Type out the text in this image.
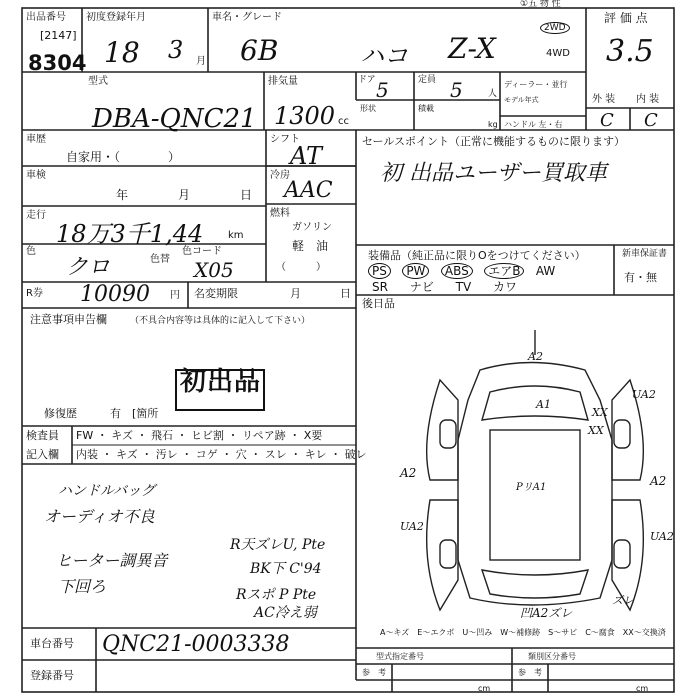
①五 物 性
出品番号
[2147]
8304
初度登録年月
18 3 月
車名・グレード
6B	ハコ Z-X
2WD
4WD
評 価 点
3.5
外 装 内 装
C C
型式
DBA-QNC21
排気量
1300 cc
ドア 5	定員 5	人
ディーラー・並行
モデル年式
形状	積載
kg ハンドル 左・右
車歴
自家用・（　　　　）
車検
年	月	日
走行
18万3千1,44 km
色
クロ	色替
色コード
X05
R券 10090 円 名変期限	月	日
シフト
AT
冷房
AAC
燃料
ガソリン
軽　油
（　　　）
セールスポイント（正常に機能するものに限ります）
初 出品ユーザー買取車
装備品（純正品に限りOをつけてください）
PS PW ABS エアB AW
SR ナビ TV カワ
新車保証書
有・無
後日品
注意事項申告欄	（不具合内容等は具体的に記入して下さい）
初出品
修復歴	有　[箇所
検査員 FW ・ キズ ・ 飛石 ・ ヒビ割 ・ リペア跡 ・ X要
記入欄 内装 ・ キズ ・ 汚レ ・ コゲ ・ 穴 ・ スレ ・ キレ ・ 破レ
ハンドルバッグ
オーディオ不良
ヒーター調異音
下回ろ
R天ズレU, Pte
BK下 C'94
Rスポ P Pte
AC冷え弱
A2
A1
XX
UA2
A2
A2
UA2
UA2
PリA1
XX
ズレ
凹A2ズレ
A～キズ　E～エクボ　U～凹み　W～補修跡　S～サビ　C～腐食　XX～交換済
車台番号 QNC21-0003338
登録番号
型式指定番号	類別区分番号
参　考	参　考
cm	cm
